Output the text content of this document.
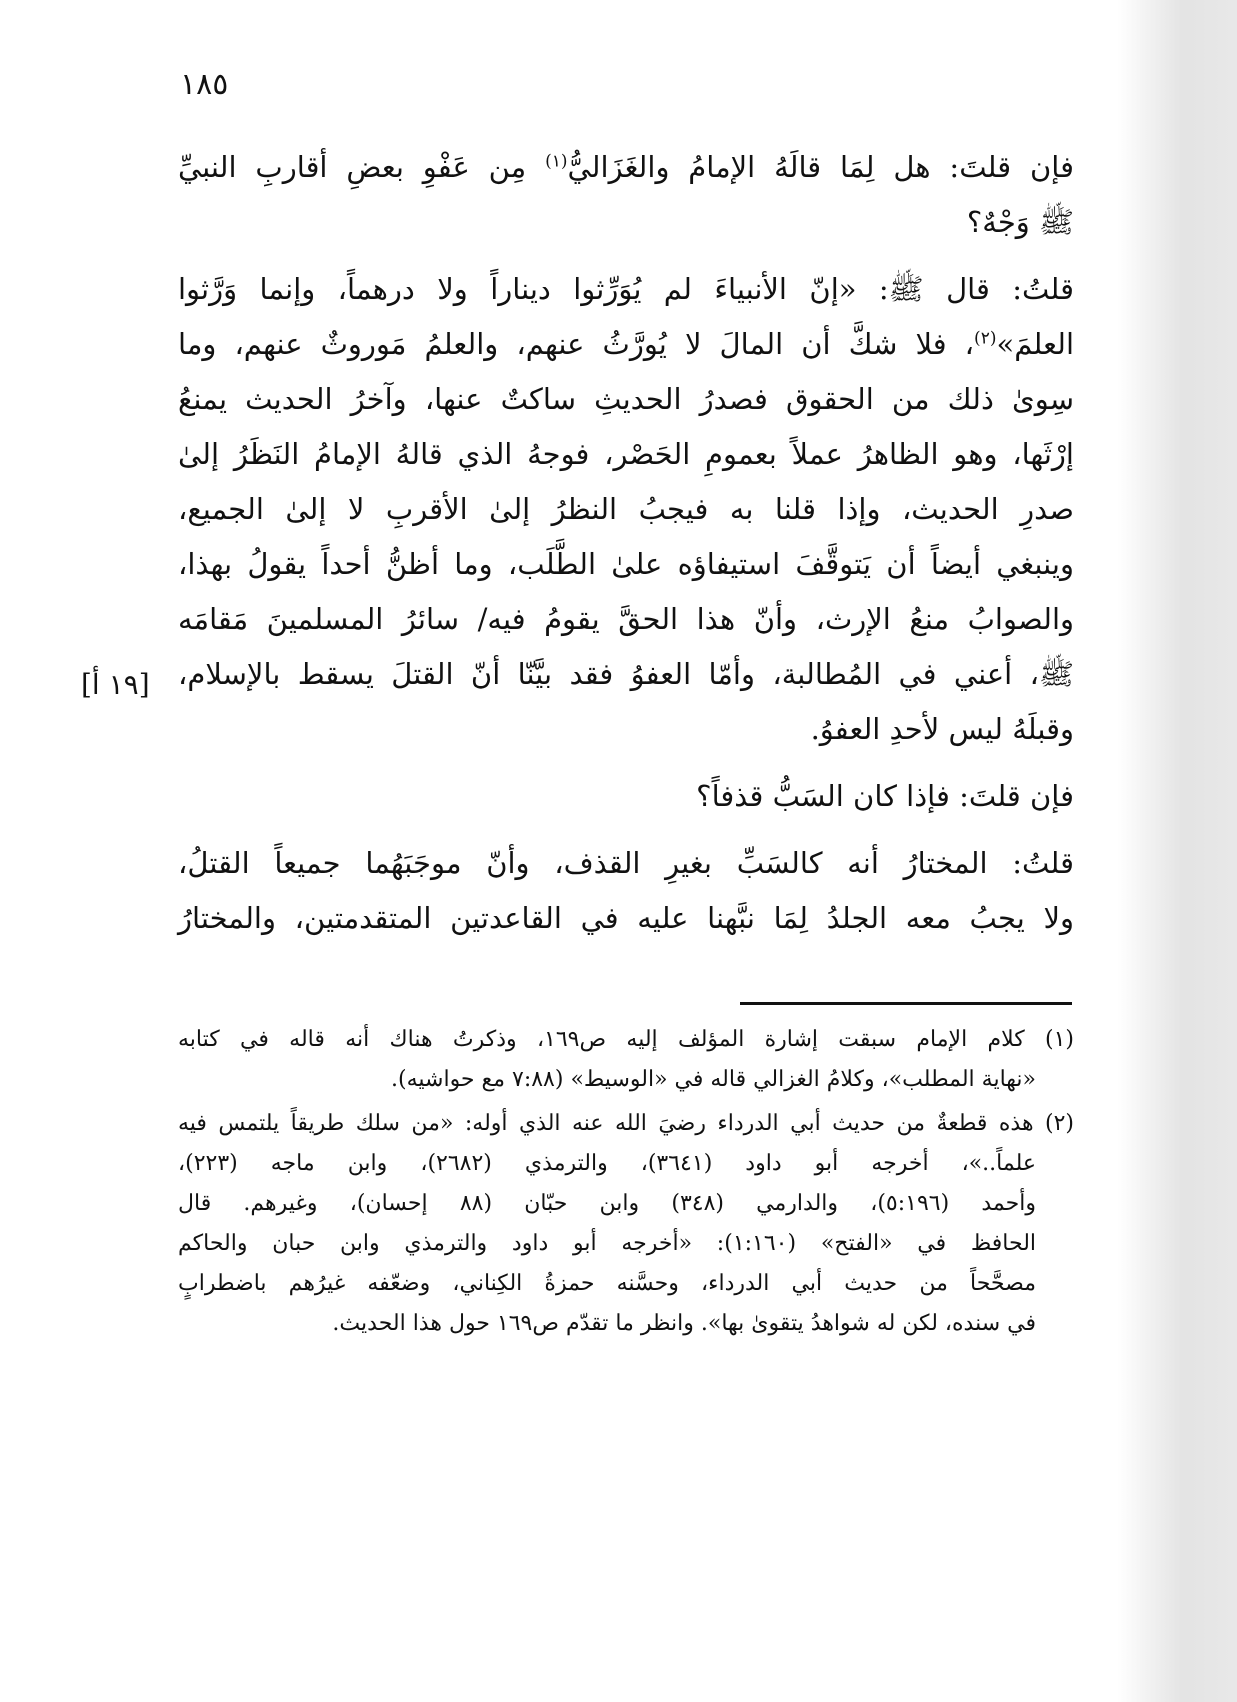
١٨٥
[١٩ أ]

فإن قلتَ: هل لِمَا قالَهُ الإمامُ والغَزَاليُّ$^{(١)}$ مِن عَفْوِ بعضِ أقاربِ النبيِّ
ﷺ وَجْهٌ؟

قلتُ: قال ﷺ: «إنّ الأنبياءَ لم يُوَرِّثوا ديناراً ولا درهماً، وإنما وَرَّثوا
العلمَ»$^{(٢)}$، فلا شكَّ أن المالَ لا يُورَّثُ عنهم، والعلمُ مَوروثٌ عنهم، وما
سِوىٰ ذلك من الحقوق فصدرُ الحديثِ ساكتٌ عنها، وآخرُ الحديث يمنعُ
إرْثَها، وهو الظاهرُ عملاً بعمومِ الحَصْر، فوجهُ الذي قالهُ الإمامُ النَظَرُ إلىٰ
صدرِ الحديث، وإذا قلنا به فيجبُ النظرُ إلىٰ الأقربِ لا إلىٰ الجميع،
وينبغي أيضاً أن يَتوقَّفَ استيفاؤه علىٰ الطَّلَب، وما أظنُّ أحداً يقولُ بهذا،
والصوابُ منعُ الإرث، وأنّ هذا الحقَّ يقومُ فيه/ سائرُ المسلمينَ مَقامَه
ﷺ، أعني في المُطالبة، وأمّا العفوُ فقد بيَّنّا أنّ القتلَ يسقط بالإسلام،
وقبلَهُ ليس لأحدِ العفوُ.

فإن قلتَ: فإذا كان السَبُّ قذفاً؟

قلتُ: المختارُ أنه كالسَبِّ بغيرِ القذف، وأنّ موجَبَهُما جميعاً القتلُ،
ولا يجبُ معه الجلدُ لِمَا نبَّهنا عليه في القاعدتين المتقدمتين، والمختارُ

(١) كلام الإمام سبقت إشارة المؤلف إليه ص١٦٩، وذكرتُ هناك أنه قاله في كتابه
«نهاية المطلب»، وكلامُ الغزالي قاله في «الوسيط» (٧:٨٨ مع حواشيه).
(٢) هذه قطعةٌ من حديث أبي الدرداء رضيَ الله عنه الذي أوله: «من سلك طريقاً يلتمس فيه
علماً..»، أخرجه أبو داود (٣٦٤١)، والترمذي (٢٦٨٢)، وابن ماجه (٢٢٣)،
وأحمد (٥:١٩٦)، والدارمي (٣٤٨) وابن حبّان (٨٨ إحسان)، وغيرهم. قال
الحافظ في «الفتح» (١:١٦٠): «أخرجه أبو داود والترمذي وابن حبان والحاكم
مصحَّحاً من حديث أبي الدرداء، وحسَّنه حمزةُ الكِناني، وضعّفه غيرُهم باضطرابٍ
في سنده، لكن له شواهدُ يتقوىٰ بها». وانظر ما تقدّم ص١٦٩ حول هذا الحديث.
